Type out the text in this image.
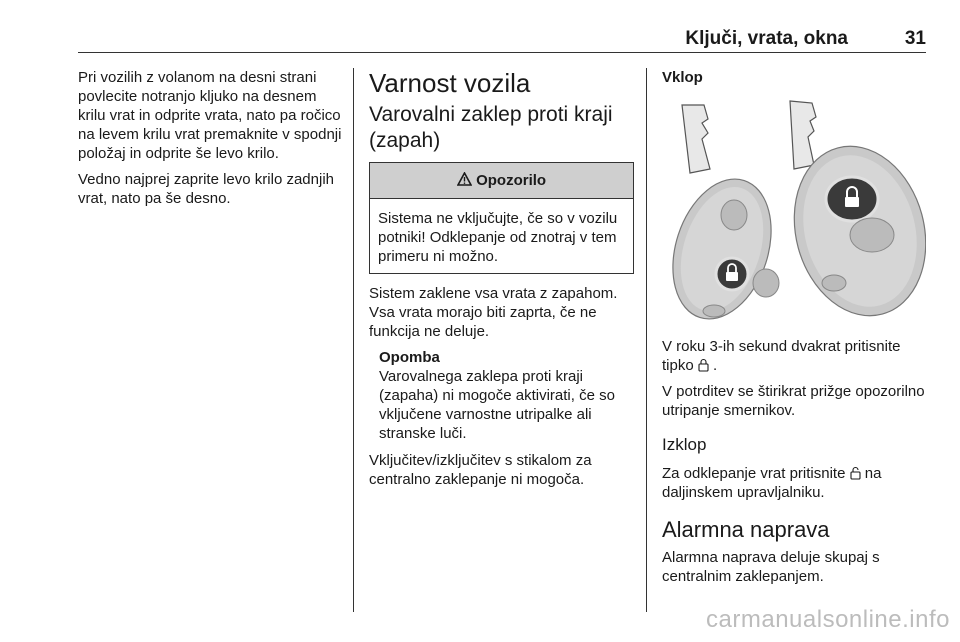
Ključi, vrata, okna	31

Pri vozilih z volanom na desni strani povlecite notranjo kljuko na desnem krilu vrat in odprite vrata, nato pa ročico na levem krilu vrat premaknite v spodnji položaj in odprite še levo krilo.

Vedno najprej zaprite levo krilo zadnjih vrat, nato pa še desno.

Varnost vozila
Varovalni zaklep proti kraji (zapah)
Opozorilo

Sistema ne vključujte, če so v vozilu potniki! Odklepanje od znotraj v tem primeru ni možno.

Sistem zaklene vsa vrata z zapahom. Vsa vrata morajo biti zaprta, če ne funkcija ne deluje.

Opomba

Varovalnega zaklepa proti kraji (zapaha) ni mogoče aktivirati, če so vključene varnostne utripalke ali stranske luči.

Vključitev/izključitev s stikalom za centralno zaklepanje ni mogoča.

Vklop

V roku 3-ih sekund dvakrat pritisnite tipko .

V potrditev se štirikrat prižge opozorilno utripanje smernikov.

Izklop

Za odklepanje vrat pritisnite na daljinskem upravljalniku.

Alarmna naprava

Alarmna naprava deluje skupaj s centralnim zaklepanjem.

carmanualsonline.info
